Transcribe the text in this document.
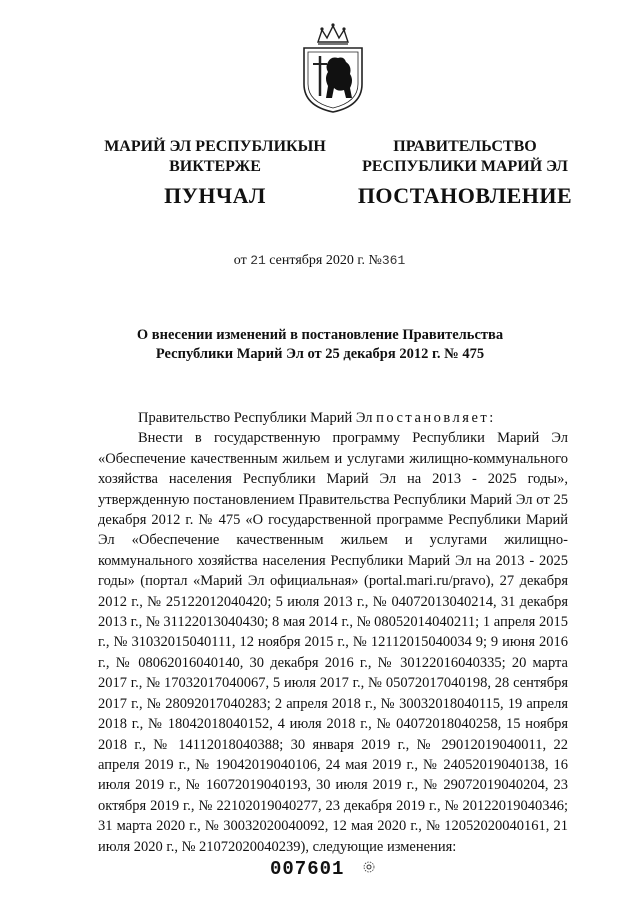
МАРИЙ ЭЛ РЕСПУБЛИКЫН
ВИКТЕРЖЕ
ПУНЧАЛ
ПРАВИТЕЛЬСТВО
РЕСПУБЛИКИ МАРИЙ ЭЛ
ПОСТАНОВЛЕНИЕ
от 21 сентября 2020 г. №361
О внесении изменений в постановление Правительства
Республики Марий Эл от 25 декабря 2012 г. № 475

Правительство Республики Марий Эл постановляет:

Внести в государственную программу Республики Марий Эл «Обеспечение качественным жильем и услугами жилищно-коммунального хозяйства населения Республики Марий Эл на 2013 - 2025 годы», утвержденную постановлением Правительства Республики Марий Эл от 25 декабря 2012 г. № 475 «О государственной программе Республики Марий Эл «Обеспечение качественным жильем и услугами жилищно-коммунального хозяйства населения Республики Марий Эл на 2013 - 2025 годы» (портал «Марий Эл официальная» (portal.mari.ru/pravo), 27 декабря 2012 г., № 25122012040420; 5 июля 2013 г., № 04072013040214, 31 декабря 2013 г., № 31122013040430; 8 мая 2014 г., № 08052014040211; 1 апреля 2015 г., № 31032015040111, 12 ноября 2015 г., № 12112015040034 9; 9 июня 2016 г., № 08062016040140, 30 декабря 2016 г., № 30122016040335; 20 марта 2017 г., № 17032017040067, 5 июля 2017 г., № 05072017040198, 28 сентября 2017 г., № 28092017040283; 2 апреля 2018 г., № 30032018040115, 19 апреля 2018 г., № 18042018040152, 4 июля 2018 г., № 04072018040258, 15 ноября 2018 г., № 14112018040388; 30 января 2019 г., № 29012019040011, 22 апреля 2019 г., № 19042019040106, 24 мая 2019 г., № 24052019040138, 16 июля 2019 г., № 16072019040193, 30 июля 2019 г., № 29072019040204, 23 октября 2019 г., № 22102019040277, 23 декабря 2019 г., № 20122019040346; 31 марта 2020 г., № 30032020040092, 12 мая 2020 г., № 12052020040161, 21 июля 2020 г., № 21072020040239), следующие изменения:

007601
